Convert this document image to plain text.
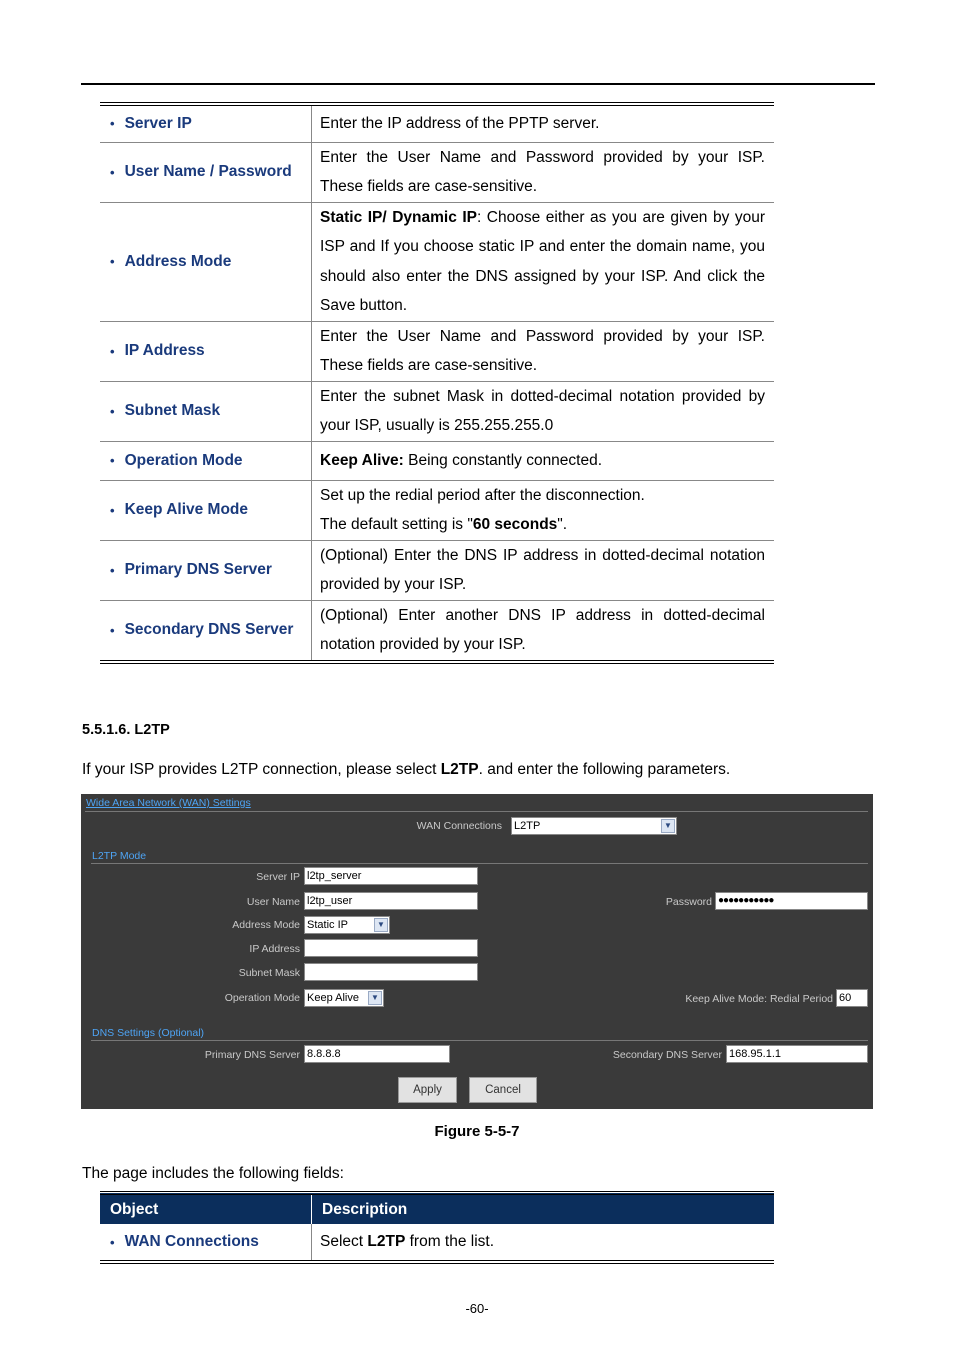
• Server IP	Enter the IP address of the PPTP server.

• User Name / Password	Enter the User Name and Password provided by your ISP. These fields are case-sensitive.

• Address Mode	Static IP/ Dynamic IP: Choose either as you are given by your ISP and If you choose static IP and enter the domain name, you should also enter the DNS assigned by your ISP. And click the Save button.

• IP Address	Enter the User Name and Password provided by your ISP. These fields are case-sensitive.

• Subnet Mask	Enter the subnet Mask in dotted-decimal notation provided by your ISP, usually is 255.255.255.0

• Operation Mode	Keep Alive: Being constantly connected.

• Keep Alive Mode	Set up the redial period after the disconnection.
The default setting is "60 seconds".

• Primary DNS Server	(Optional) Enter the DNS IP address in dotted-decimal notation provided by your ISP.

• Secondary DNS Server	(Optional) Enter another DNS IP address in dotted-decimal notation provided by your ISP.
5.5.1.6. L2TP
If your ISP provides L2TP connection, please select L2TP. and enter the following parameters.
Wide Area Network (WAN) Settings
WAN Connections L2TP	▼
L2TP Mode
Server IP l2tp_server
User Name l2tp_user	Password ●●●●●●●●●●●
Address Mode Static IP	▼
IP Address
Subnet Mask
Operation Mode Keep Alive	▼	Keep Alive Mode: Redial Period 60
DNS Settings (Optional)
Primary DNS Server 8.8.8.8	Secondary DNS Server 168.95.1.1
Apply	Cancel
Figure 5-5-7
The page includes the following fields:
Object	Description

• WAN Connections	Select L2TP from the list.
-60-
